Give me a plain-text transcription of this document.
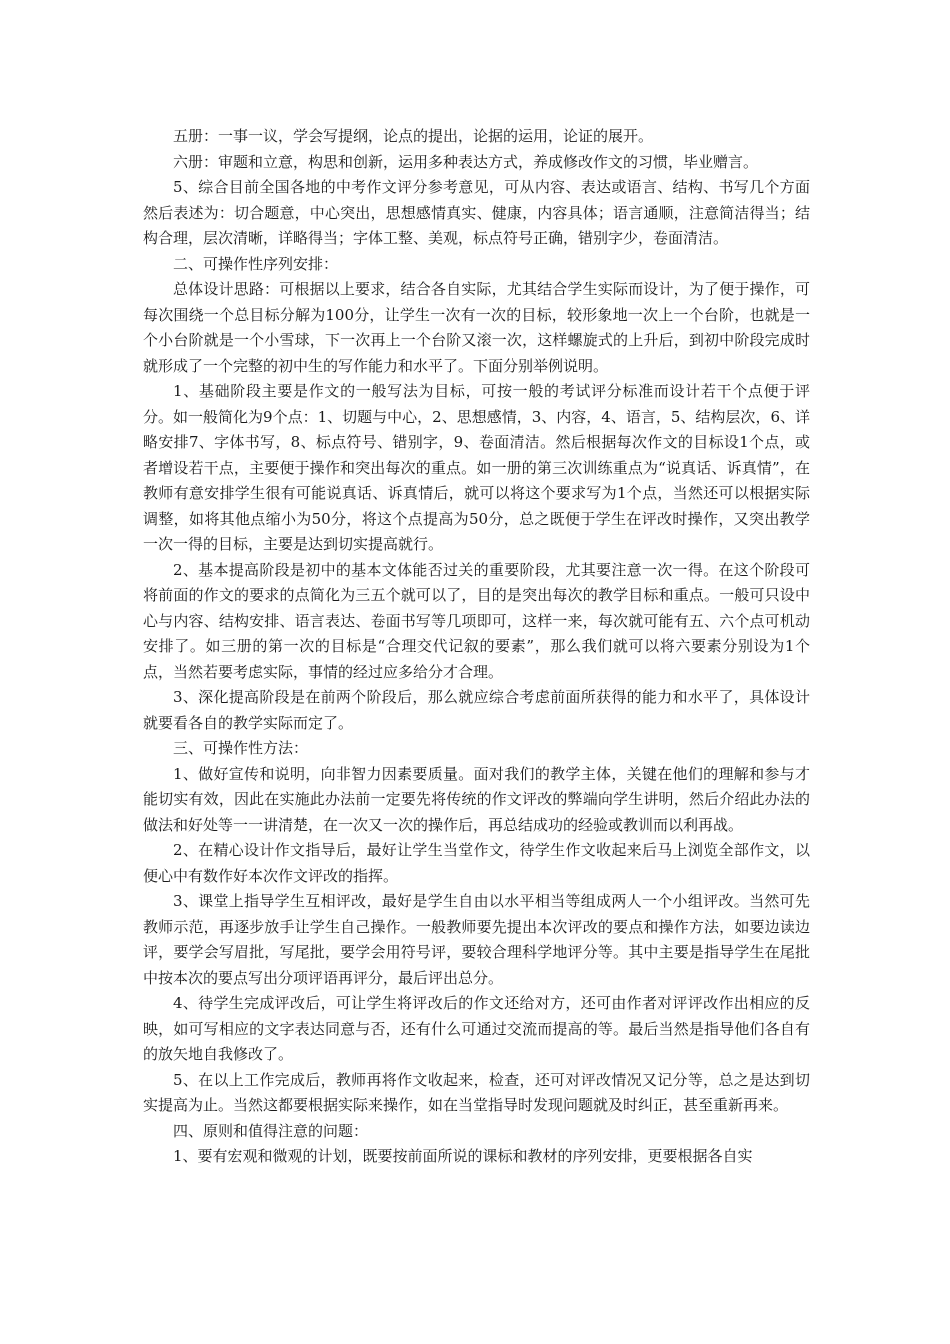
五册：一事一议，学会写提纲，论点的提出，论据的运用，论证的展开。

六册：审题和立意，构思和创新，运用多种表达方式，养成修改作文的习惯，毕业赠言。

5、综合目前全国各地的中考作文评分参考意见，可从内容、表达或语言、结构、书写几个方面然后表述为：切合题意，中心突出，思想感情真实、健康，内容具体；语言通顺，注意简洁得当；结构合理，层次清晰，详略得当；字体工整、美观，标点符号正确，错别字少，卷面清洁。

二、可操作性序列安排：

总体设计思路：可根据以上要求，结合各自实际，尤其结合学生实际而设计，为了便于操作，可每次围绕一个总目标分解为100分，让学生一次有一次的目标，较形象地一次上一个台阶，也就是一个小台阶就是一个小雪球，下一次再上一个台阶又滚一次，这样螺旋式的上升后，到初中阶段完成时就形成了一个完整的初中生的写作能力和水平了。下面分别举例说明。

1、基础阶段主要是作文的一般写法为目标，可按一般的考试评分标准而设计若干个点便于评分。如一般简化为9个点：1、切题与中心，2、思想感情，3、内容，4、语言，5、结构层次，6、详略安排7、字体书写，8、标点符号、错别字，9、卷面清洁。然后根据每次作文的目标设1个点，或者增设若干点，主要便于操作和突出每次的重点。如一册的第三次训练重点为“说真话、诉真情”，在教师有意安排学生很有可能说真话、诉真情后，就可以将这个要求写为1个点，当然还可以根据实际调整，如将其他点缩小为50分，将这个点提高为50分，总之既便于学生在评改时操作，又突出教学一次一得的目标，主要是达到切实提高就行。

2、基本提高阶段是初中的基本文体能否过关的重要阶段，尤其要注意一次一得。在这个阶段可将前面的作文的要求的点简化为三五个就可以了，目的是突出每次的教学目标和重点。一般可只设中心与内容、结构安排、语言表达、卷面书写等几项即可，这样一来，每次就可能有五、六个点可机动安排了。如三册的第一次的目标是“合理交代记叙的要素”，那么我们就可以将六要素分别设为1个点，当然若要考虑实际，事情的经过应多给分才合理。

3、深化提高阶段是在前两个阶段后，那么就应综合考虑前面所获得的能力和水平了，具体设计就要看各自的教学实际而定了。

三、可操作性方法：

1、做好宣传和说明，向非智力因素要质量。面对我们的教学主体，关键在他们的理解和参与才能切实有效，因此在实施此办法前一定要先将传统的作文评改的弊端向学生讲明，然后介绍此办法的做法和好处等一一讲清楚，在一次又一次的操作后，再总结成功的经验或教训而以利再战。

2、在精心设计作文指导后，最好让学生当堂作文，待学生作文收起来后马上浏览全部作文，以便心中有数作好本次作文评改的指挥。

3、课堂上指导学生互相评改，最好是学生自由以水平相当等组成两人一个小组评改。当然可先教师示范，再逐步放手让学生自己操作。一般教师要先提出本次评改的要点和操作方法，如要边读边评，要学会写眉批，写尾批，要学会用符号评，要较合理科学地评分等。其中主要是指导学生在尾批中按本次的要点写出分项评语再评分，最后评出总分。

4、待学生完成评改后，可让学生将评改后的作文还给对方，还可由作者对评评改作出相应的反映，如可写相应的文字表达同意与否，还有什么可通过交流而提高的等。最后当然是指导他们各自有的放矢地自我修改了。

5、在以上工作完成后，教师再将作文收起来，检查，还可对评改情况又记分等，总之是达到切实提高为止。当然这都要根据实际来操作，如在当堂指导时发现问题就及时纠正，甚至重新再来。

四、原则和值得注意的问题：

1、要有宏观和微观的计划，既要按前面所说的课标和教材的序列安排，更要根据各自实
